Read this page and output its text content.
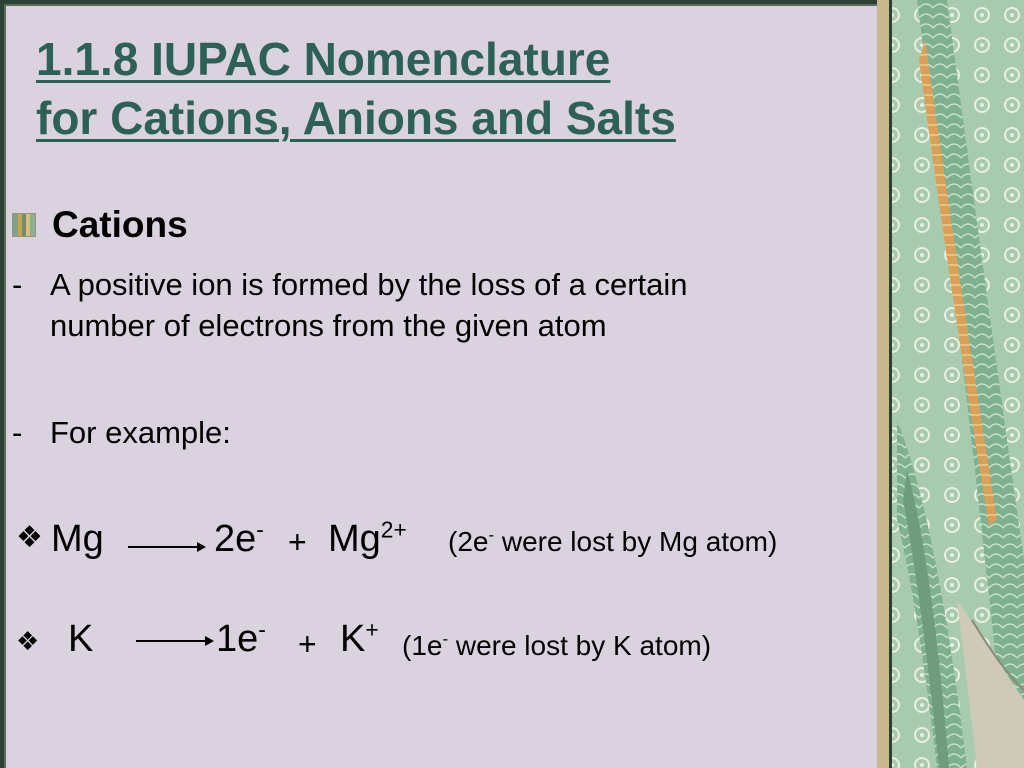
1.1.8 IUPAC Nomenclature
for Cations, Anions and Salts
Cations
- A positive ion is formed by the loss of a certain
number of electrons from the given atom
- For example:
❖ $Mg \to 2e^- + Mg^{2+}$ (2e- were lost by Mg atom)
❖ K → 1e- + K+
(1e- were lost by K atom)
